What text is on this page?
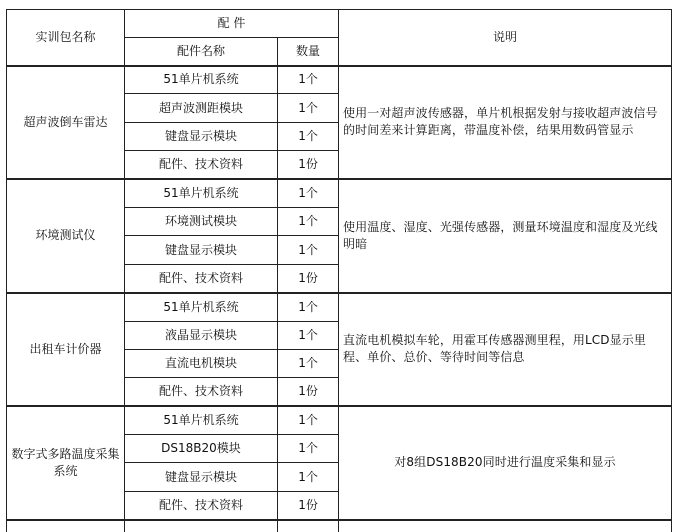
实训包名称	配 件		说明
	配件名称	数量	
超声波倒车雷达	51单片机系统	1个	使用一对超声波传感器，单片机根据发射与接收超声波信号的时间差来计算距离，带温度补偿，结果用数码管显示
	超声波测距模块	1个	
	键盘显示模块	1个	
	配件、技术资料	1份	
环境测试仪	51单片机系统	1个	使用温度、湿度、光强传感器，测量环境温度和湿度及光线明暗
	环境测试模块	1个	
	键盘显示模块	1个	
	配件、技术资料	1份	
出租车计价器	51单片机系统	1个	直流电机模拟车轮，用霍耳传感器测里程，用LCD显示里程、单价、总价、等待时间等信息
	液晶显示模块	1个	
	直流电机模块	1个	
	配件、技术资料	1份	
数字式多路温度采集系统	51单片机系统	1个	对8组DS18B20同时进行温度采集和显示
	DS18B20模块	1个	
	键盘显示模块	1个	
	配件、技术资料	1份	
